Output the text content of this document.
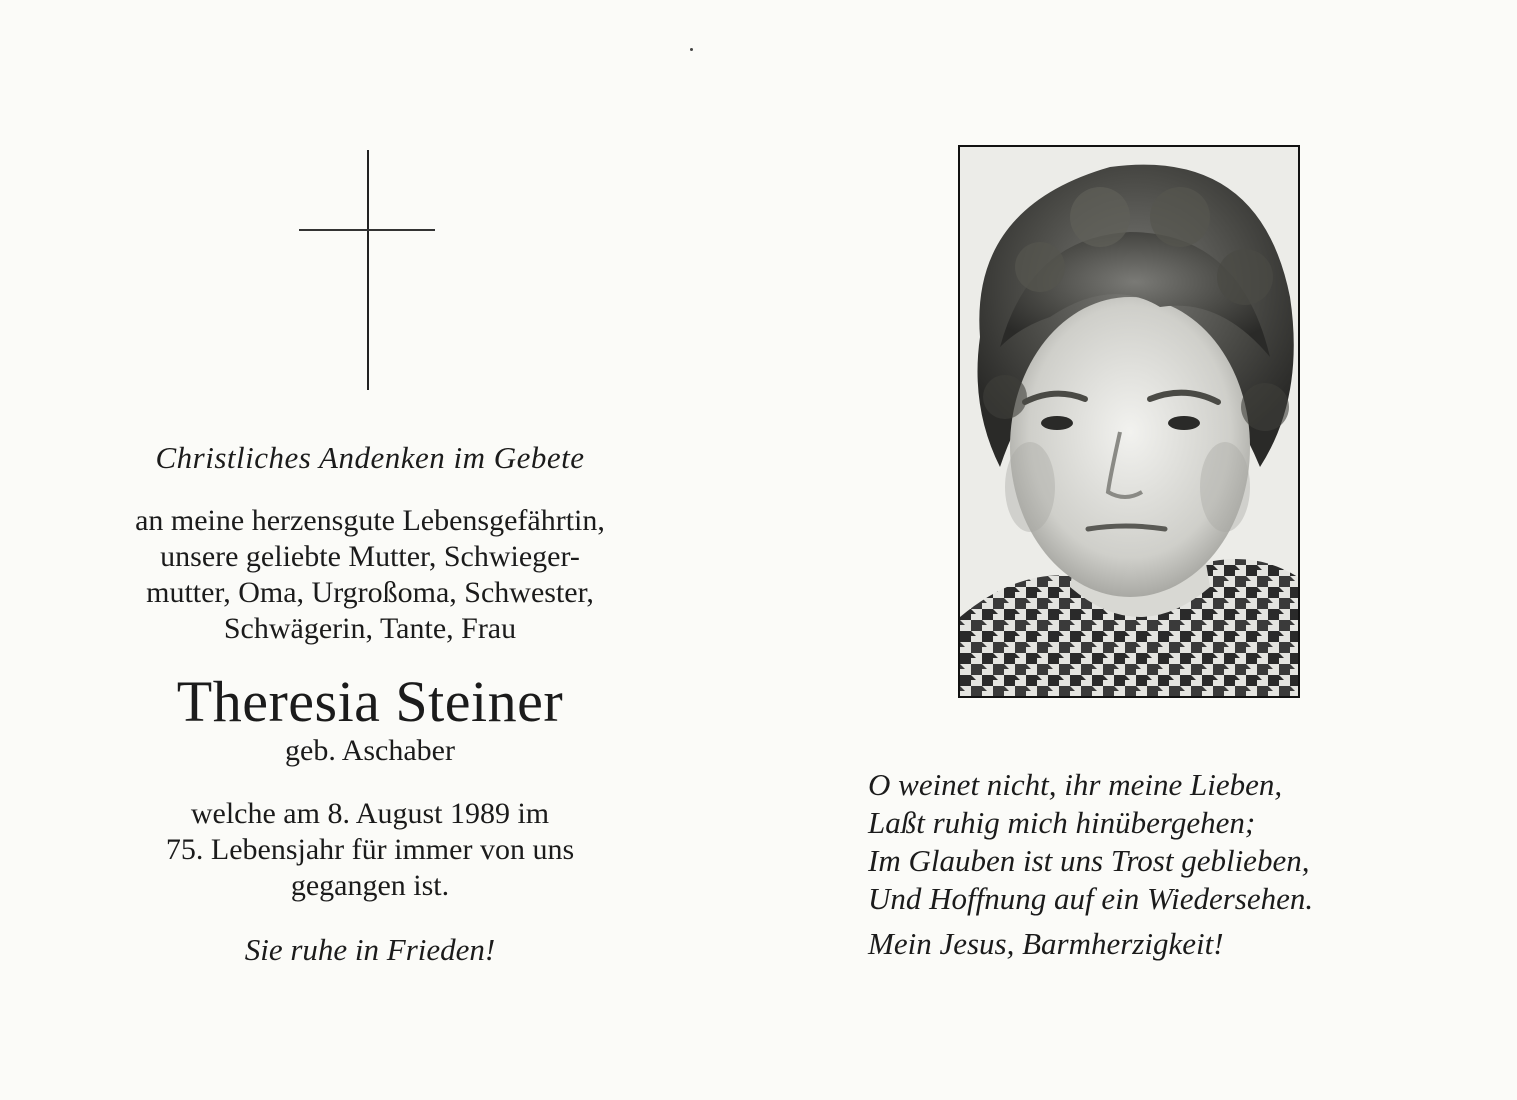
Christliches Andenken im Gebete
an meine herzensgute Lebensgefährtin,
unsere geliebte Mutter, Schwieger-
mutter, Oma, Urgroßoma, Schwester,
Schwägerin, Tante, Frau
Theresia Steiner
geb. Aschaber
welche am 8. August 1989 im
75. Lebensjahr für immer von uns
gegangen ist.
Sie ruhe in Frieden!
O weinet nicht, ihr meine Lieben,
Laßt ruhig mich hinübergehen;
Im Glauben ist uns Trost geblieben,
Und Hoffnung auf ein Wiedersehen.
Mein Jesus, Barmherzigkeit!
